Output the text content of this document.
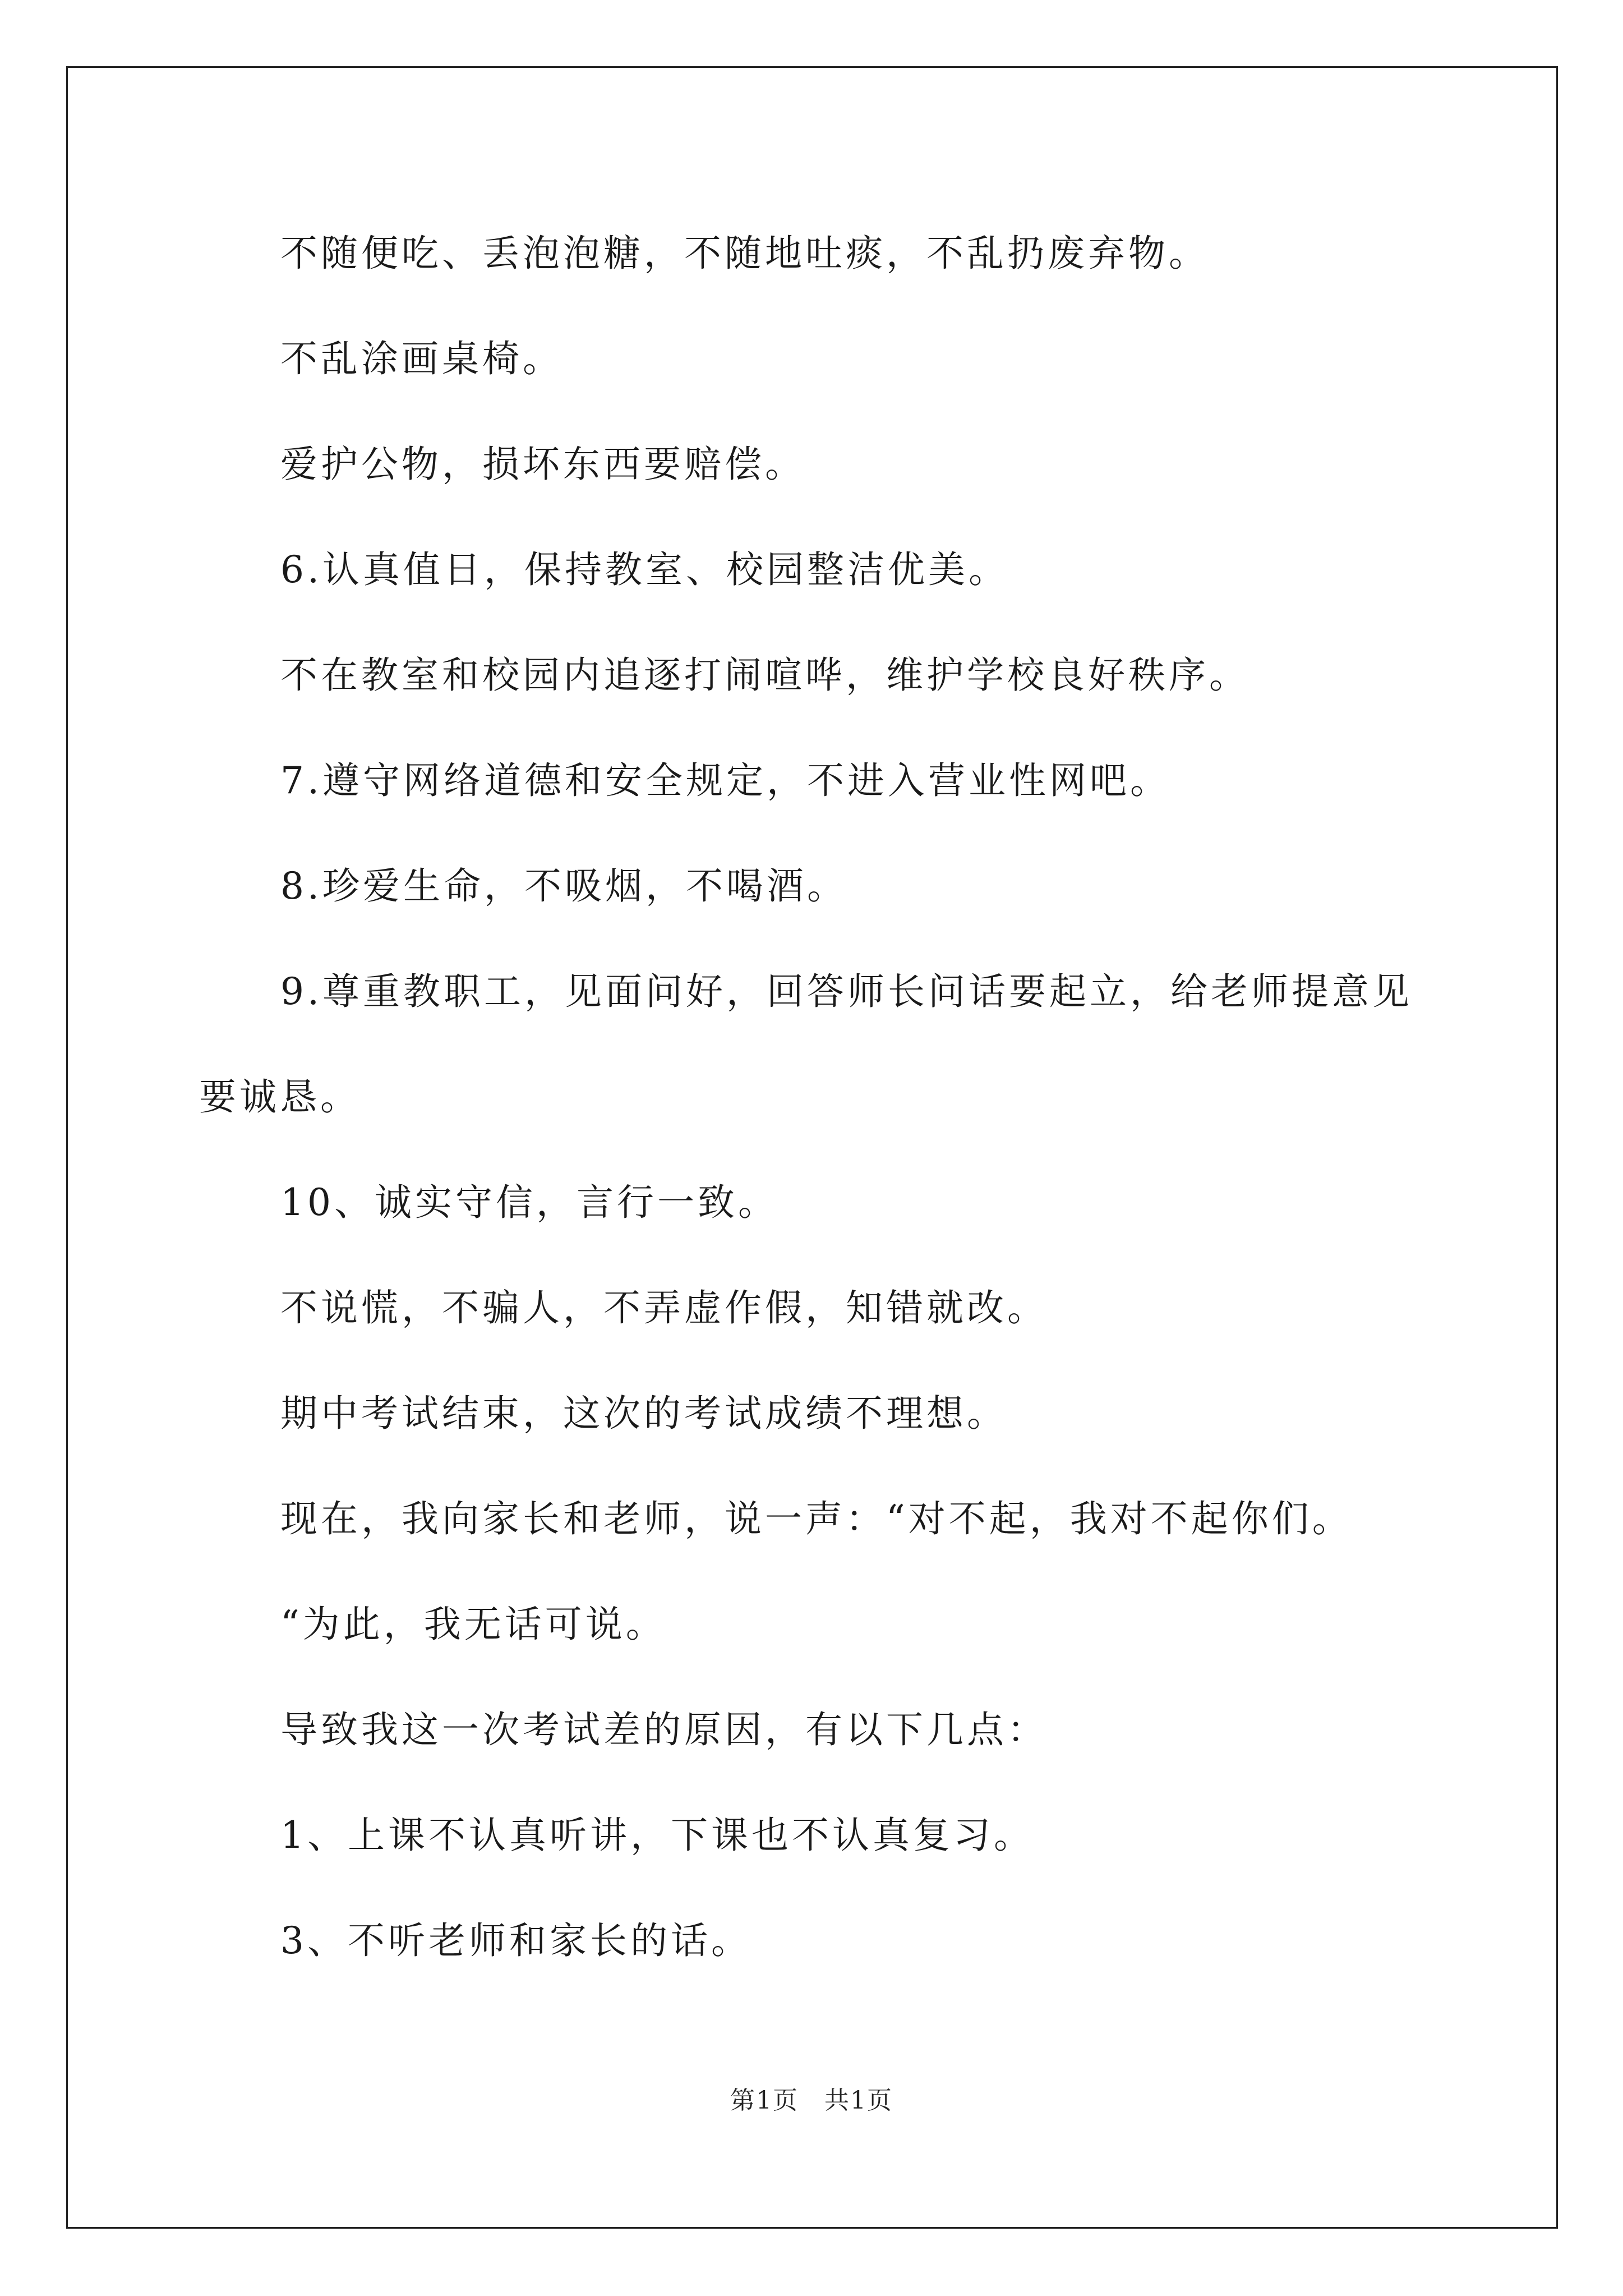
不随便吃、丢泡泡糖，不随地吐痰，不乱扔废弃物。

不乱涂画桌椅。

爱护公物，损坏东西要赔偿。

6.认真值日，保持教室、校园整洁优美。

不在教室和校园内追逐打闹喧哗，维护学校良好秩序。

7.遵守网络道德和安全规定，不进入营业性网吧。

8.珍爱生命，不吸烟，不喝酒。

9.尊重教职工，见面问好，回答师长问话要起立，给老师提意见

要诚恳。

10、诚实守信，言行一致。

不说慌，不骗人，不弄虚作假，知错就改。

期中考试结束，这次的考试成绩不理想。

现在，我向家长和老师，说一声：“对不起，我对不起你们。

“为此，我无话可说。

导致我这一次考试差的原因，有以下几点：

1、上课不认真听讲，下课也不认真复习。

3、不听老师和家长的话。

第1页　共1页
